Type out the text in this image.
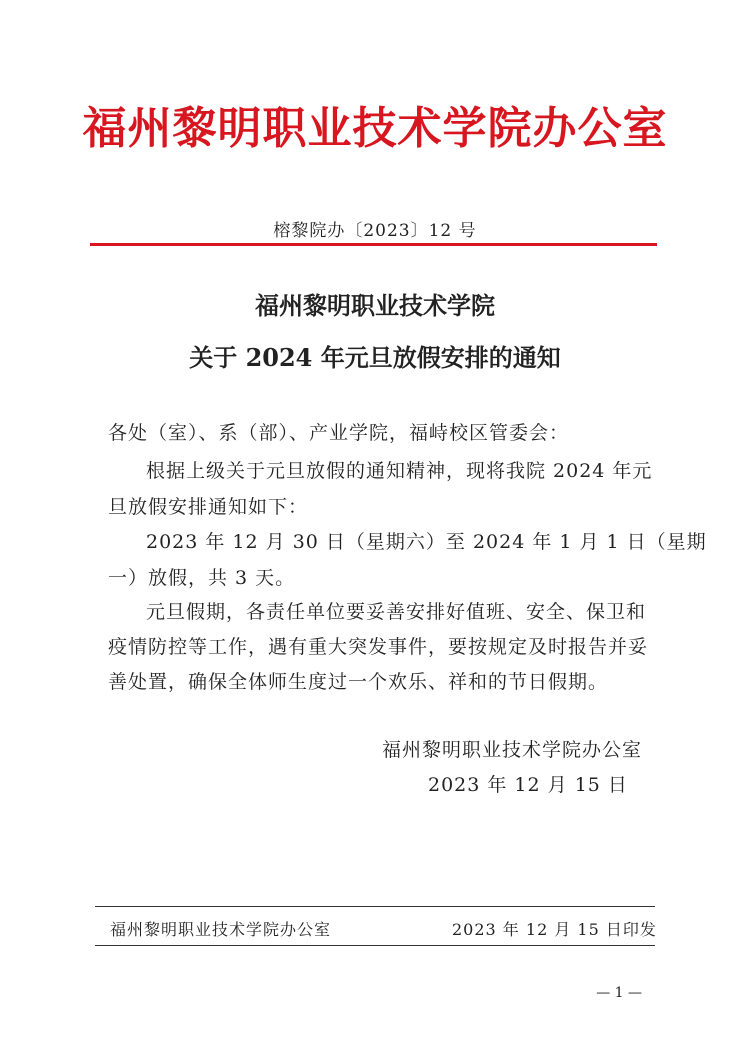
福州黎明职业技术学院办公室
榕黎院办〔2023〕12 号
福州黎明职业技术学院
关于 2024 年元旦放假安排的通知
各处（室）、系（部）、产业学院，福峙校区管委会：
根据上级关于元旦放假的通知精神，现将我院 2024 年元
旦放假安排通知如下：
2023 年 12 月 30 日（星期六）至 2024 年 1 月 1 日（星期
一）放假，共 3 天。
元旦假期，各责任单位要妥善安排好值班、安全、保卫和
疫情防控等工作，遇有重大突发事件，要按规定及时报告并妥
善处置，确保全体师生度过一个欢乐、祥和的节日假期。
福州黎明职业技术学院办公室
2023 年 12 月 15 日
福州黎明职业技术学院办公室	2023 年 12 月 15 日印发
— 1 —
